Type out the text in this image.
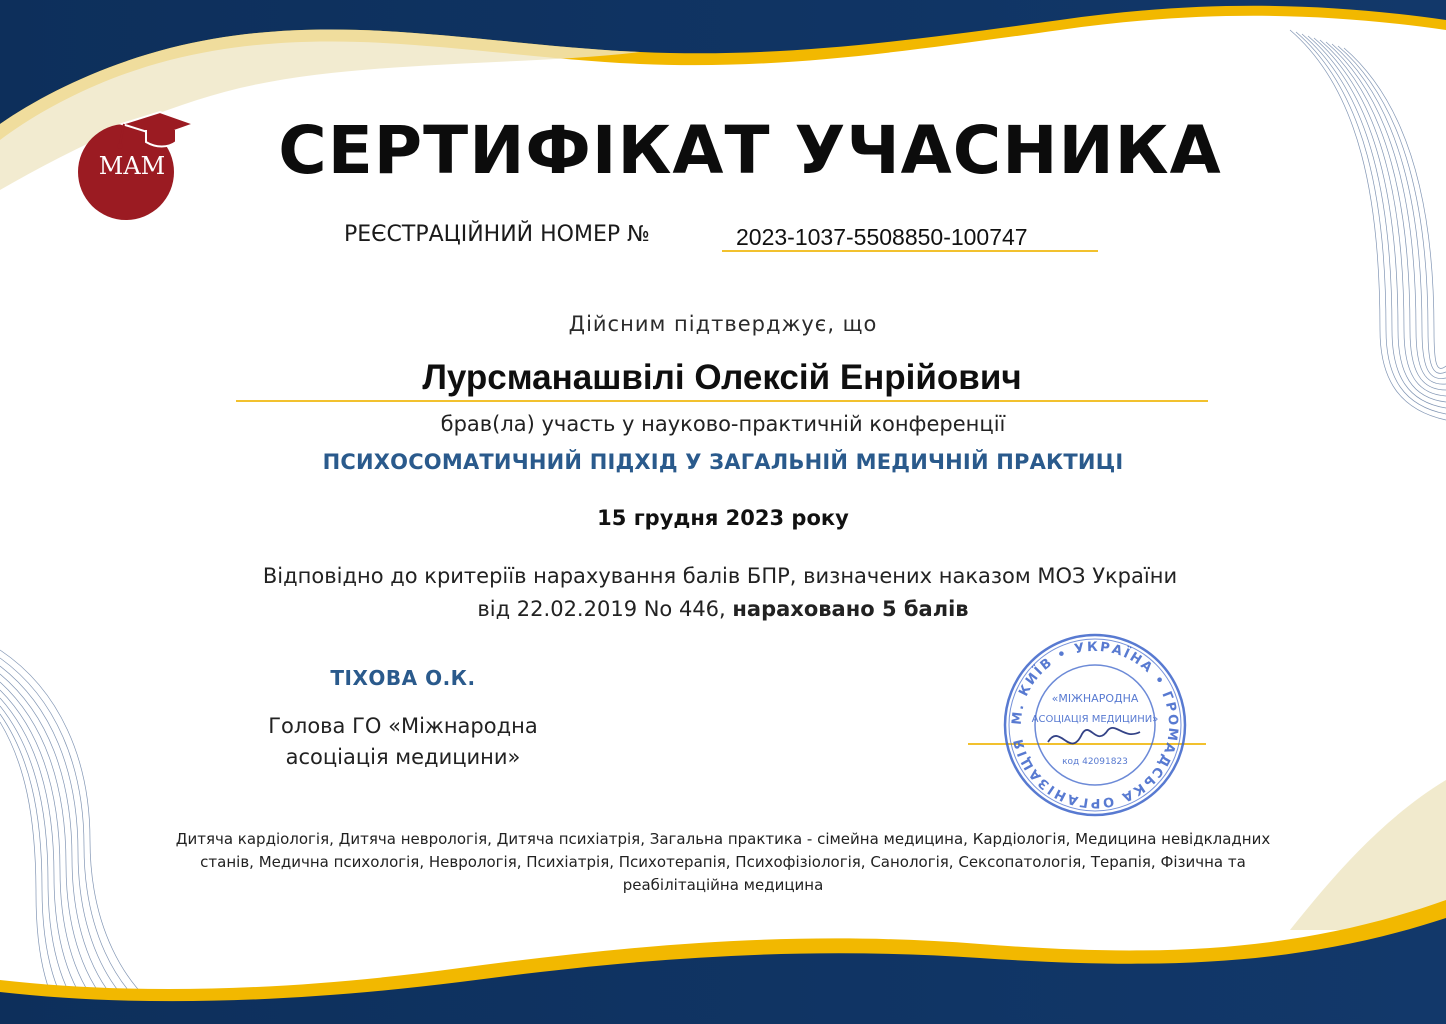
MAM	СЕРТИФІКАТ УЧАСНИКА
РЕЄСТРАЦІЙНИЙ НОМЕР №	2023-1037-5508850-100747
Дійсним підтверджує, що
Лурсманашвілі Олексій Енрійович
брав(ла) участь у науково-практичній конференції
ПСИХОСОМАТИЧНИЙ ПІДХІД У ЗАГАЛЬНІЙ МЕДИЧНІЙ ПРАКТИЦІ
15 грудня 2023 року
Відповідно до критеріїв нарахування балів БПР, визначених наказом МОЗ України
від 22.02.2019 No 446, нараховано 5 балів
ТІХОВА О.К.
Голова ГО «Міжнародна
асоціація медицини»
М. КИЇВ • УКРАЇНА • ГРОМАДСЬКА ОРГАНІЗАЦІЯ
«МІЖНАРОДНА
АСОЦІАЦІЯ МЕДИЦИНИ»
код 42091823
Дитяча кардіологія, Дитяча неврологія, Дитяча психіатрія, Загальна практика - сімейна медицина, Кардіологія, Медицина невідкладних
станів, Медична психологія, Неврологія, Психіатрія, Психотерапія, Психофізіологія, Санологія, Сексопатологія, Терапія, Фізична та
реабілітаційна медицина
